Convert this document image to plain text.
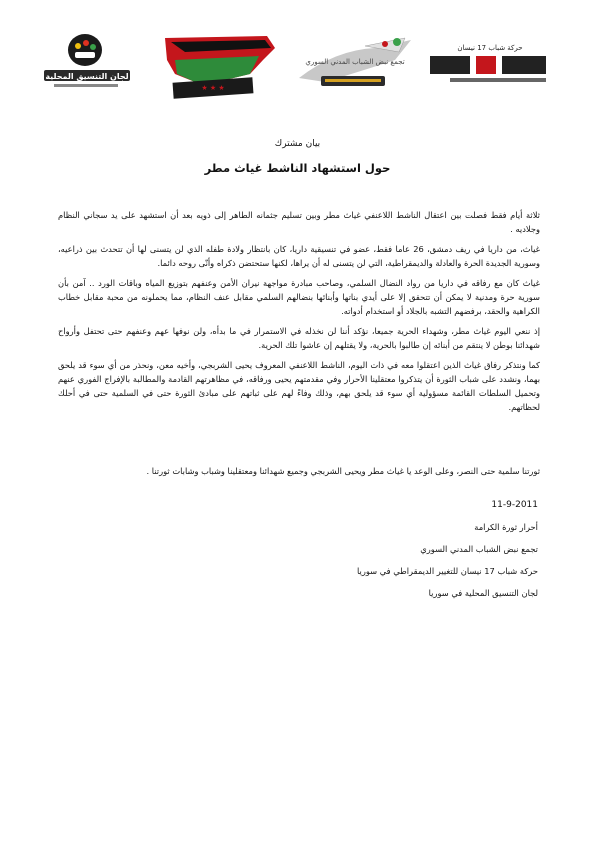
لجان التنسيق المحلية
★ ★ ★
تجمع نبض الشباب المدني السوري
حركة شباب 17 نيسان
بيان مشترك
حول استشهاد الناشط غياث مطر

ثلاثة أيام فقط فصلت بين اعتقال الناشط اللاعنفي غياث مطر وبين تسليم جثمانه الطاهر إلى ذويه بعد أن استشهد على يد سجاني النظام وجلاديه .

غياث، من داريا في ريف دمشق، 26 عاما فقط، عضو في تنسيقية داريا، كان بانتظار ولادة طفله الذي لن يتسنى لها أن تتحدث بين ذراعيه، وسورية الجديدة الحرة والعادلة والديمقراطية، التي لن يتسنى له أن يراها، لكنها ستحتضن ذكراه وأنّى روحه دائما.

غياث كان مع رفاقه في داريا من رواد النضال السلمي، وصاحب مبادرة مواجهة نيران الأمن وعنفهم بتوزيع المياه وباقات الورد .. آمن بأن سورية حرة ومدنية لا يمكن أن تتحقق إلا على أيدي بناتها وأبنائها بنضالهم السلمي مقابل عنف النظام، مما يحملونه من محبة مقابل خطاب الكراهية والحقد، برفضهم التشبه بالجلاد أو استخدام أدواته.

إذ ننعي اليوم غياث مطر، وشهداء الحرية جميعا، نؤكد أننا لن نخذله في الاستمرار في ما بدأه، ولن نوفها عهم وعنفهم حتى تحتفل وأرواح شهدائنا بوطن لا ينتقم من أبنائه إن طالبوا بالحرية، ولا يقتلهم إن عاشوا تلك الحرية.

كما ونتذكر رفاق غياث الذين اعتقلوا معه في ذات اليوم، الناشط اللاعنفي المعروف يحيى الشربجي، وأخيه معن، ونحذر من أي سوء قد يلحق بهما، ونشدد على شباب الثورة أن يتذكروا معتقلينا الأحرار وفي مقدمتهم يحيى ورفاقه، في مظاهرتهم القادمة والمطالبة بالإفراج الفوري عنهم وتحميل السلطات القائمة مسؤولية أي سوء قد يلحق بهم، وذلك وفاءً لهم على ثباتهم على مبادئ الثورة حتى في السلمية حتى في أحلك لحظاتهم.

ثورتنا سلمية حتى النصر، وعلى الوعد يا غياث مطر ويحيى الشربجي وجميع شهدائنا ومعتقلينا وشباب وشابات ثورتنا .
11-9-2011
أحرار ثورة الكرامة
تجمع نبض الشباب المدني السوري
حركة شباب 17 نيسان للتغيير الديمقراطي في سوريا
لجان التنسيق المحلية في سوريا
